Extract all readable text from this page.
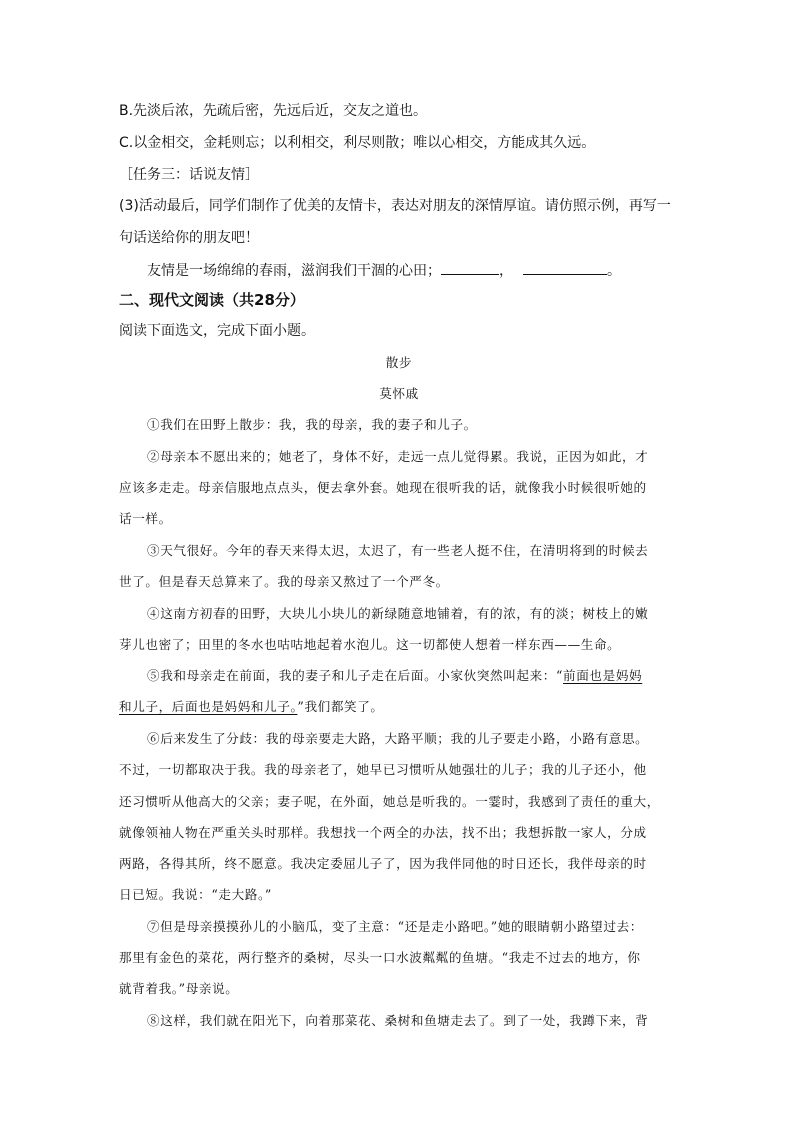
B.先淡后浓，先疏后密，先远后近，交友之道也。
C.以金相交，金耗则忘；以利相交，利尽则散；唯以心相交，方能成其久远。
［任务三：话说友情］
(3)活动最后，同学们制作了优美的友情卡，表达对朋友的深情厚谊。请仿照示例，再写一
句话送给你的朋友吧！
友情是一场绵绵的春雨，滋润我们干涸的心田；	，	。
二、现代文阅读（共28分）
阅读下面选文，完成下面小题。
散步
莫怀戚
①我们在田野上散步：我，我的母亲，我的妻子和儿子。
②母亲本不愿出来的；她老了，身体不好，走远一点儿觉得累。我说，正因为如此，才
应该多走走。母亲信服地点点头，便去拿外套。她现在很听我的话，就像我小时候很听她的
话一样。
③天气很好。今年的春天来得太迟，太迟了，有一些老人挺不住，在清明将到的时候去
世了。但是春天总算来了。我的母亲又熬过了一个严冬。
④这南方初春的田野，大块儿小块儿的新绿随意地铺着，有的浓，有的淡；树枝上的嫩
芽儿也密了；田里的冬水也咕咕地起着水泡儿。这一切都使人想着一样东西——生命。
⑤我和母亲走在前面，我的妻子和儿子走在后面。小家伙突然叫起来：“前面也是妈妈
和儿子，后面也是妈妈和儿子。”我们都笑了。
⑥后来发生了分歧：我的母亲要走大路，大路平顺；我的儿子要走小路，小路有意思。
不过，一切都取决于我。我的母亲老了，她早已习惯听从她强壮的儿子；我的儿子还小，他
还习惯听从他高大的父亲；妻子呢，在外面，她总是听我的。一霎时，我感到了责任的重大，
就像领袖人物在严重关头时那样。我想找一个两全的办法，找不出；我想拆散一家人，分成
两路，各得其所，终不愿意。我决定委屈儿子了，因为我伴同他的时日还长，我伴母亲的时
日已短。我说：“走大路。”
⑦但是母亲摸摸孙儿的小脑瓜，变了主意：“还是走小路吧。”她的眼睛朝小路望过去：
那里有金色的菜花，两行整齐的桑树，尽头一口水波粼粼的鱼塘。“我走不过去的地方，你
就背着我。”母亲说。
⑧这样，我们就在阳光下，向着那菜花、桑树和鱼塘走去了。到了一处，我蹲下来，背
